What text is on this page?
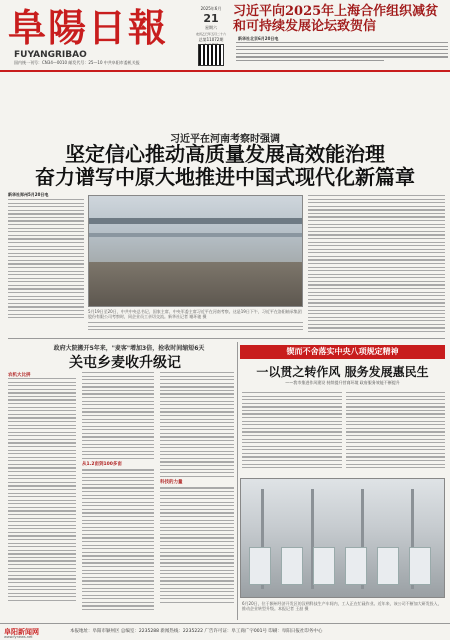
阜陽日報
FUYANGRIBAO
国内统一刊号：CN34—0010 邮发代号：25—10 中共阜阳市委机关报
2025年6月
21
星期六
农历乙巳年五月二十六
总第11072期
习近平向2025年上海合作组织减贫和可持续发展论坛致贺信
新华社北京6月20日电
习近平在河南考察时强调
坚定信心推动高质量发展高效能治理
奋力谱写中原大地推进中国式现代化新篇章
新华社郑州5月20日电
5月19日至20日，中共中央总书记、国家主席、中央军委主席习近平在河南考察。这是19日下午，习近平在洛阳轴承集团股份有限公司考察时，同企业员工亲切交流。新华社记者 谢环驰 摄
政府大院搬开5年来，"麦客"增加3倍，抢收时间缩短6天
关屯乡麦收升级记
农机大比拼
从1.2亩到100多亩
科技的力量
锲而不舍落实中央八项规定精神
一以贯之转作风 服务发展惠民生
——我市推进作风建设 持续提升营商环境 政府服务效能不断提升
6月20日，位于颍州经济开发区的汉朔科技生产车间内，工人正在忙碌作业。近年来，该公司不断加大研发投入，推动企业转型升级。本报记者 王喆 摄
阜阳新闻网
www.fynews.net
本报地址：阜阳市颍州区 总编室：2235288 新闻热线：2235222 广告许可证：阜工商广字001号 印刷：阜阳日报社印务中心
